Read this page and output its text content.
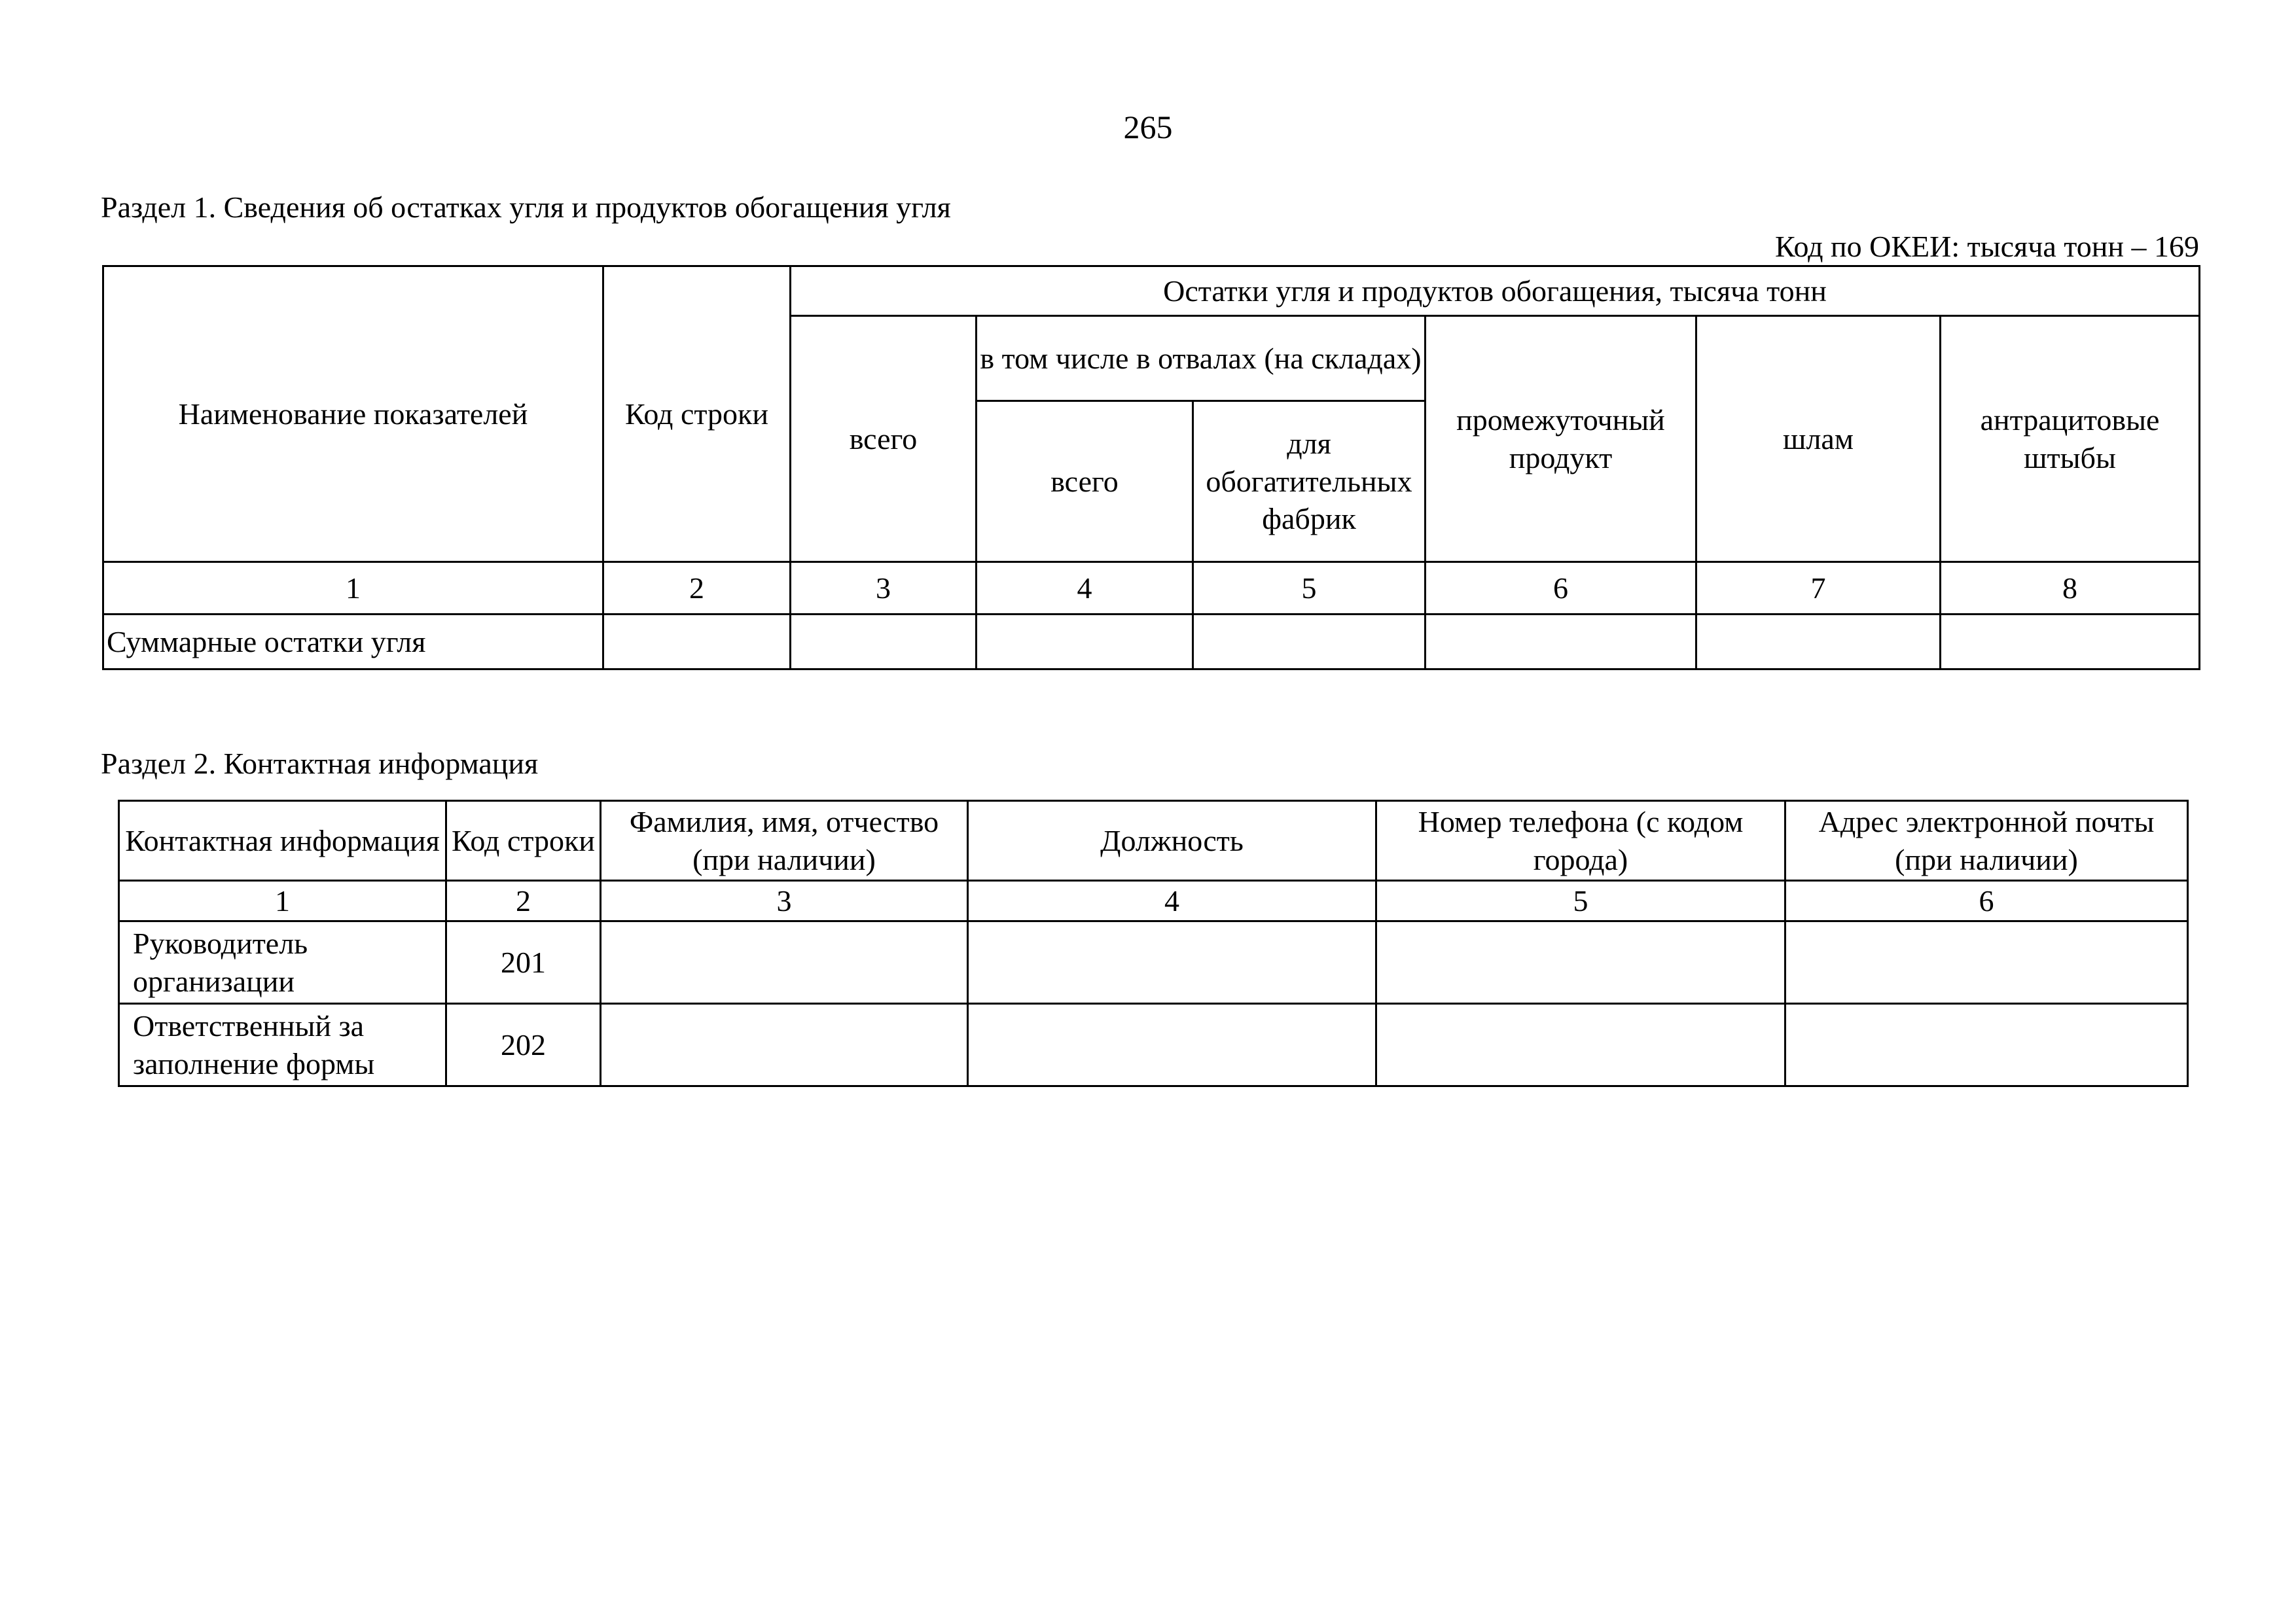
265
Раздел 1. Сведения об остатках угля и продуктов обогащения угля
Код по ОКЕИ: тысяча тонн – 169
Наименование показателей	Код строки	Остатки угля и продуктов обогащения, тысяча тонн					
		всего	в том числе в отвалах (на складах)		промежуточный продукт	шлам	антрацитовые штыбы
			всего	для обогатительных фабрик			
1	2	3	4	5	6	7	8
Суммарные остатки угля							
Раздел 2. Контактная информация
Контактная информация	Код строки	Фамилия, имя, отчество (при наличии)	Должность	Номер телефона (с кодом города)	Адрес электронной почты (при наличии)
1	2	3	4	5	6
Руководитель организации	201				
Ответственный за заполнение формы	202				
